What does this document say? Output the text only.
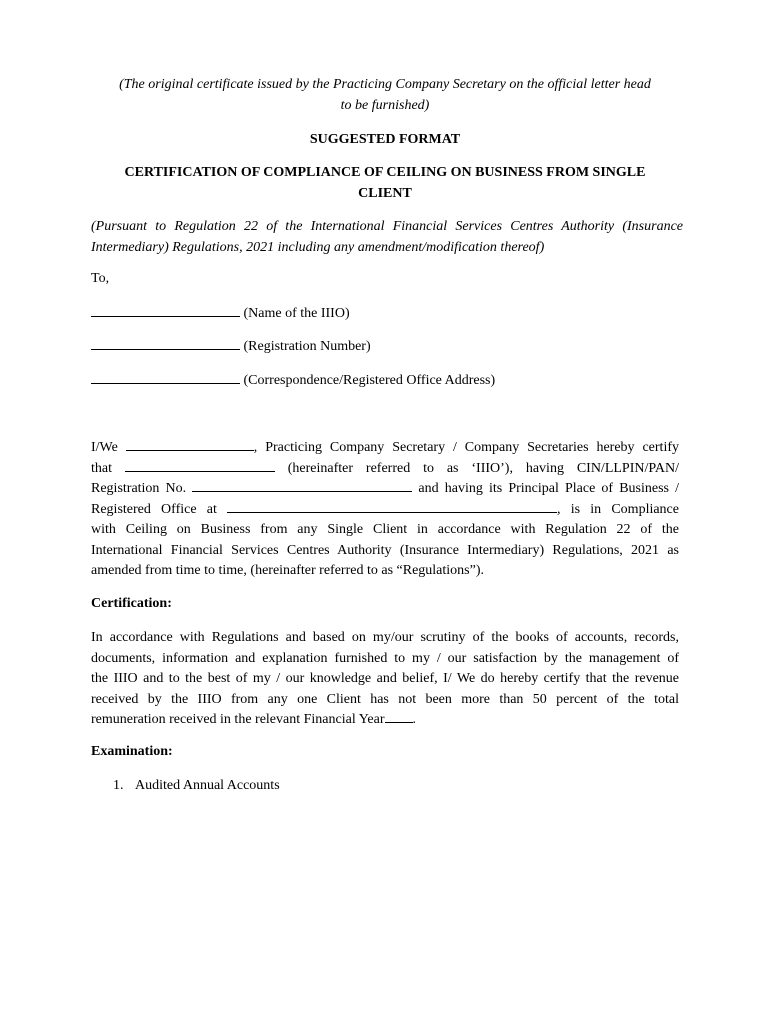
(The original certificate issued by the Practicing Company Secretary on the official letter head
to be furnished)
SUGGESTED FORMAT
CERTIFICATION OF COMPLIANCE OF CEILING ON BUSINESS FROM SINGLE
CLIENT
(Pursuant to Regulation 22 of the International Financial Services Centres Authority (Insurance
Intermediary) Regulations, 2021 including any amendment/modification thereof)
To,
(Name of the IIIO)
(Registration Number)
(Correspondence/Registered Office Address)
I/We	, Practicing Company Secretary / Company Secretaries hereby certify
that	(hereinafter referred to as ‘IIIO’), having CIN/LLPIN/PAN/
Registration No.	and having its Principal Place of Business /
Registered Office at	, is in Compliance
with Ceiling on Business from any Single Client in accordance with Regulation 22 of the
International Financial Services Centres Authority (Insurance Intermediary) Regulations, 2021 as
amended from time to time, (hereinafter referred to as “Regulations”).
Certification:
In accordance with Regulations and based on my/our scrutiny of the books of accounts, records,
documents, information and explanation furnished to my / our satisfaction by the management of
the IIIO and to the best of my / our knowledge and belief, I/ We do hereby certify that the revenue
received by the IIIO from any one Client has not been more than 50 percent of the total
remuneration received in the relevant Financial Year .
Examination:
1. Audited Annual Accounts
